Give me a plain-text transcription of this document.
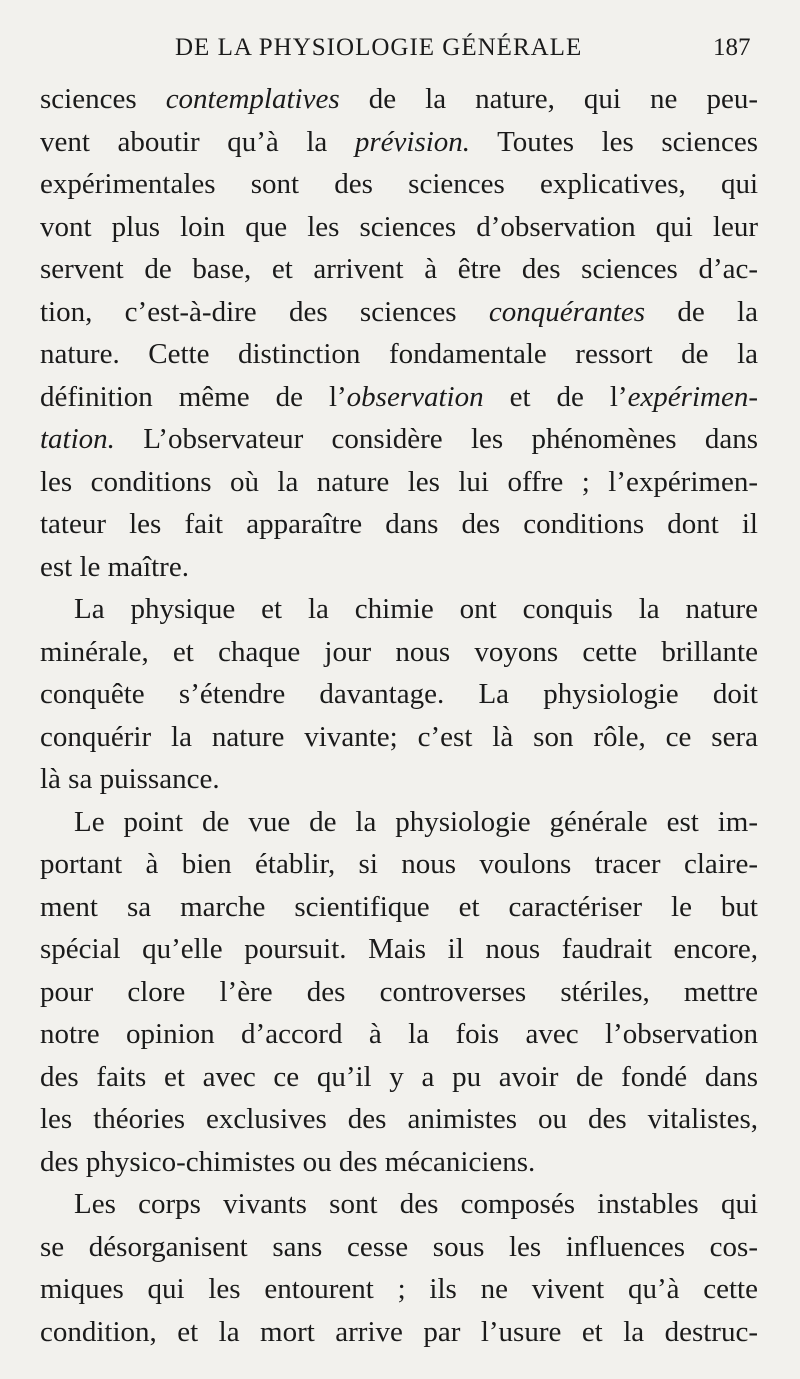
DE LA PHYSIOLOGIE GÉNÉRALE	187
sciences contemplatives de la nature, qui ne peu-
vent aboutir qu’à la prévision. Toutes les sciences
expérimentales sont des sciences explicatives, qui
vont plus loin que les sciences d’observation qui leur
servent de base, et arrivent à être des sciences d’ac-
tion, c’est-à-dire des sciences conquérantes de la
nature. Cette distinction fondamentale ressort de la
définition même de l’observation et de l’expérimen-
tation. L’observateur considère les phénomènes dans
les conditions où la nature les lui offre ; l’expérimen-
tateur les fait apparaître dans des conditions dont il
est le maître.
La physique et la chimie ont conquis la nature
minérale, et chaque jour nous voyons cette brillante
conquête s’étendre davantage. La physiologie doit
conquérir la nature vivante; c’est là son rôle, ce sera
là sa puissance.
Le point de vue de la physiologie générale est im-
portant à bien établir, si nous voulons tracer claire-
ment sa marche scientifique et caractériser le but
spécial qu’elle poursuit. Mais il nous faudrait encore,
pour clore l’ère des controverses stériles, mettre
notre opinion d’accord à la fois avec l’observation
des faits et avec ce qu’il y a pu avoir de fondé dans
les théories exclusives des animistes ou des vitalistes,
des physico-chimistes ou des mécaniciens.
Les corps vivants sont des composés instables qui
se désorganisent sans cesse sous les influences cos-
miques qui les entourent ; ils ne vivent qu’à cette
condition, et la mort arrive par l’usure et la destruc-
